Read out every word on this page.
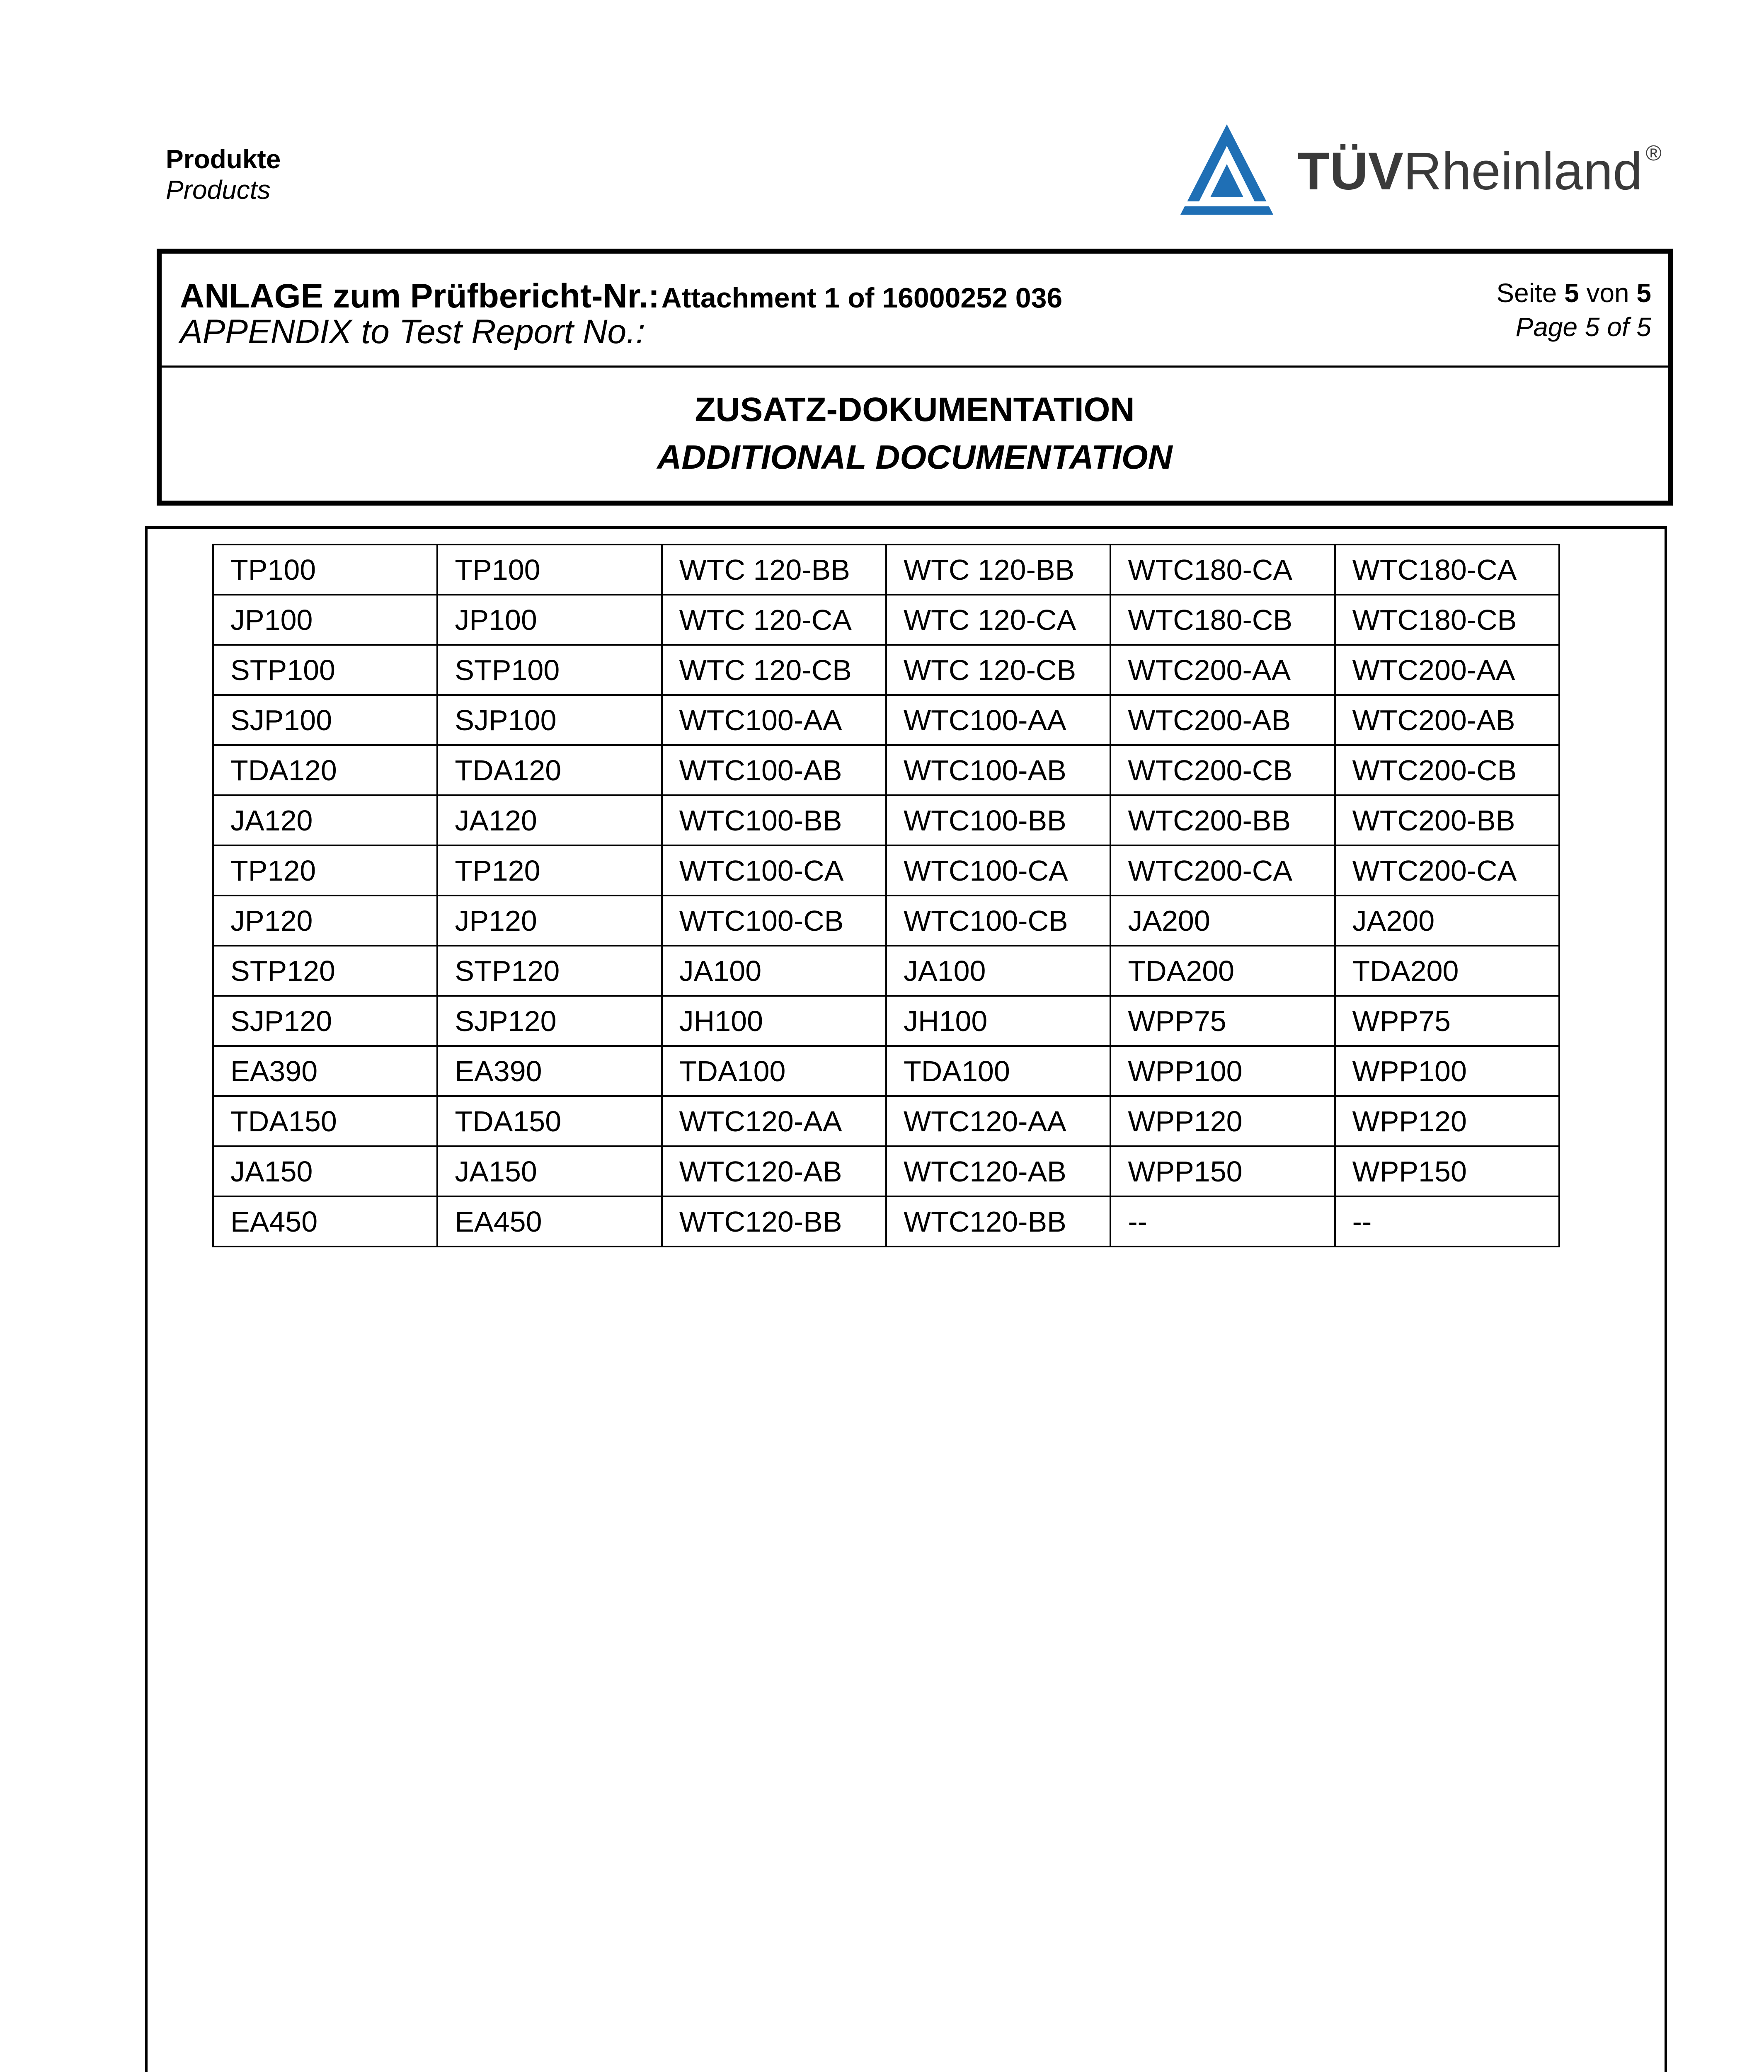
Produkte
Products	TÜVRheinland ®
ANLAGE zum Prüfbericht-Nr.: Attachment 1 of 16000252 036
APPENDIX to Test Report No.:
Seite 5 von 5
Page 5 of 5
ZUSATZ-DOKUMENTATION
ADDITIONAL DOCUMENTATION
TP100	TP100	WTC 120-BB	WTC 120-BB	WTC180-CA	WTC180-CA
JP100	JP100	WTC 120-CA	WTC 120-CA	WTC180-CB	WTC180-CB
STP100	STP100	WTC 120-CB	WTC 120-CB	WTC200-AA	WTC200-AA
SJP100	SJP100	WTC100-AA	WTC100-AA	WTC200-AB	WTC200-AB
TDA120	TDA120	WTC100-AB	WTC100-AB	WTC200-CB	WTC200-CB
JA120	JA120	WTC100-BB	WTC100-BB	WTC200-BB	WTC200-BB
TP120	TP120	WTC100-CA	WTC100-CA	WTC200-CA	WTC200-CA
JP120	JP120	WTC100-CB	WTC100-CB	JA200	JA200
STP120	STP120	JA100	JA100	TDA200	TDA200
SJP120	SJP120	JH100	JH100	WPP75	WPP75
EA390	EA390	TDA100	TDA100	WPP100	WPP100
TDA150	TDA150	WTC120-AA	WTC120-AA	WPP120	WPP120
JA150	JA150	WTC120-AB	WTC120-AB	WPP150	WPP150
EA450	EA450	WTC120-BB	WTC120-BB	--	--
